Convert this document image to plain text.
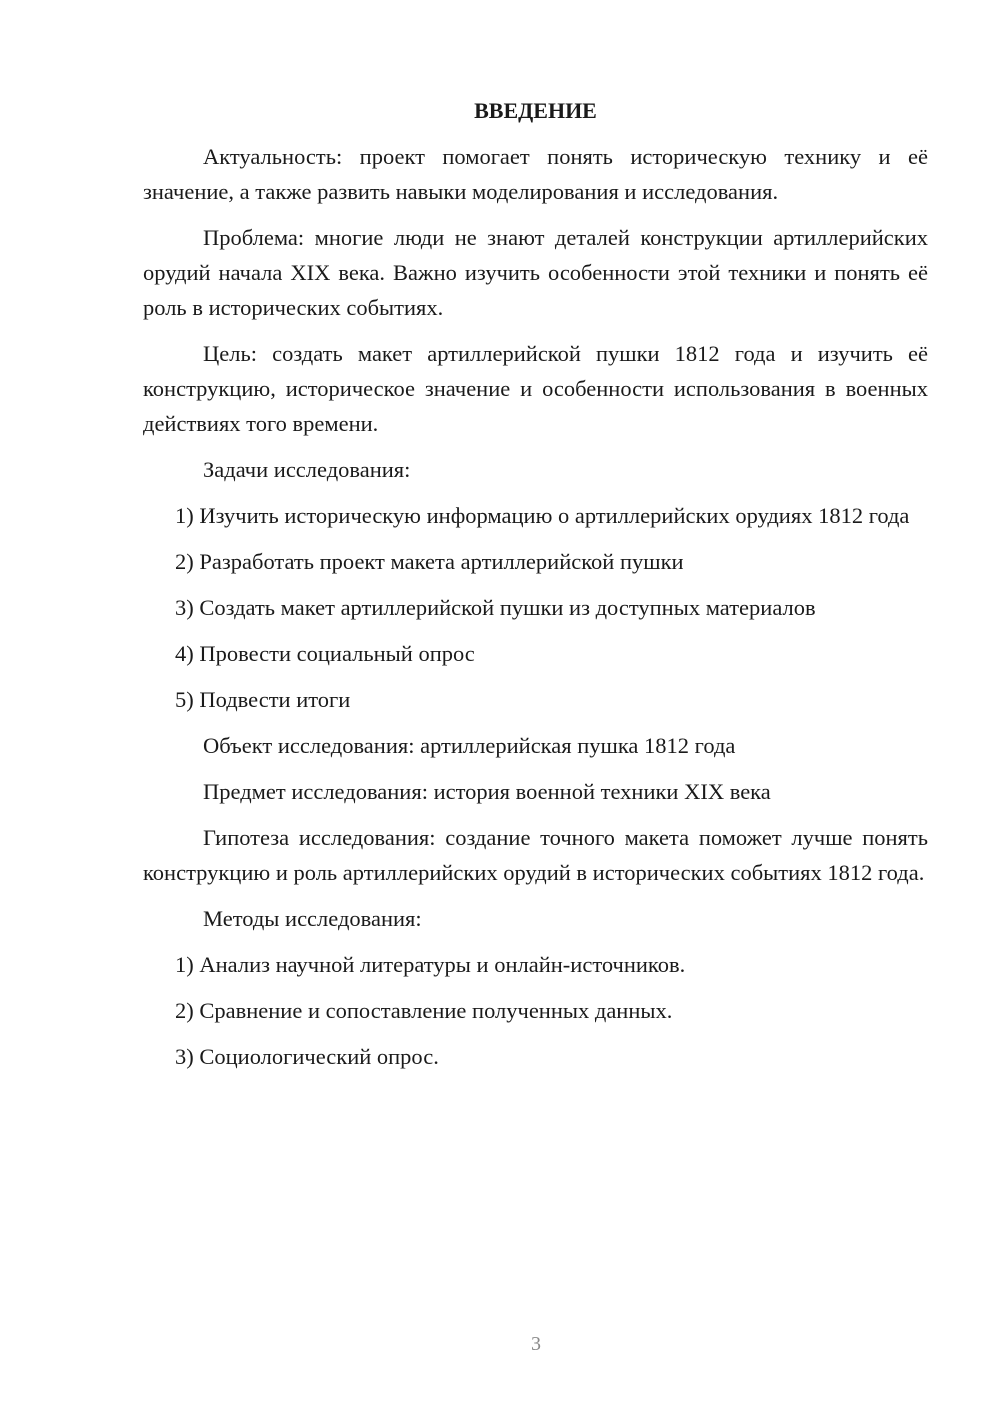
ВВЕДЕНИЕ
Актуальность: проект помогает понять историческую технику и её значение, а также развить навыки моделирования и исследования.
Проблема: многие люди не знают деталей конструкции артиллерийских орудий начала XIX века. Важно изучить особенности этой техники и понять её роль в исторических событиях.
Цель: создать макет артиллерийской пушки 1812 года и изучить её конструкцию, историческое значение и особенности использования в военных действиях того времени.
Задачи исследования:
1) Изучить историческую информацию о артиллерийских орудиях 1812 года
2) Разработать проект макета артиллерийской пушки
3) Создать макет артиллерийской пушки из доступных материалов
4) Провести социальный опрос
5) Подвести итоги
Объект исследования: артиллерийская пушка 1812 года
Предмет исследования: история военной техники XIX века
Гипотеза исследования: создание точного макета поможет лучше понять конструкцию и роль артиллерийских орудий в исторических событиях 1812 года.
Методы исследования:
1) Анализ научной литературы и онлайн-источников.
2) Сравнение и сопоставление полученных данных.
3) Социологический опрос.
3
